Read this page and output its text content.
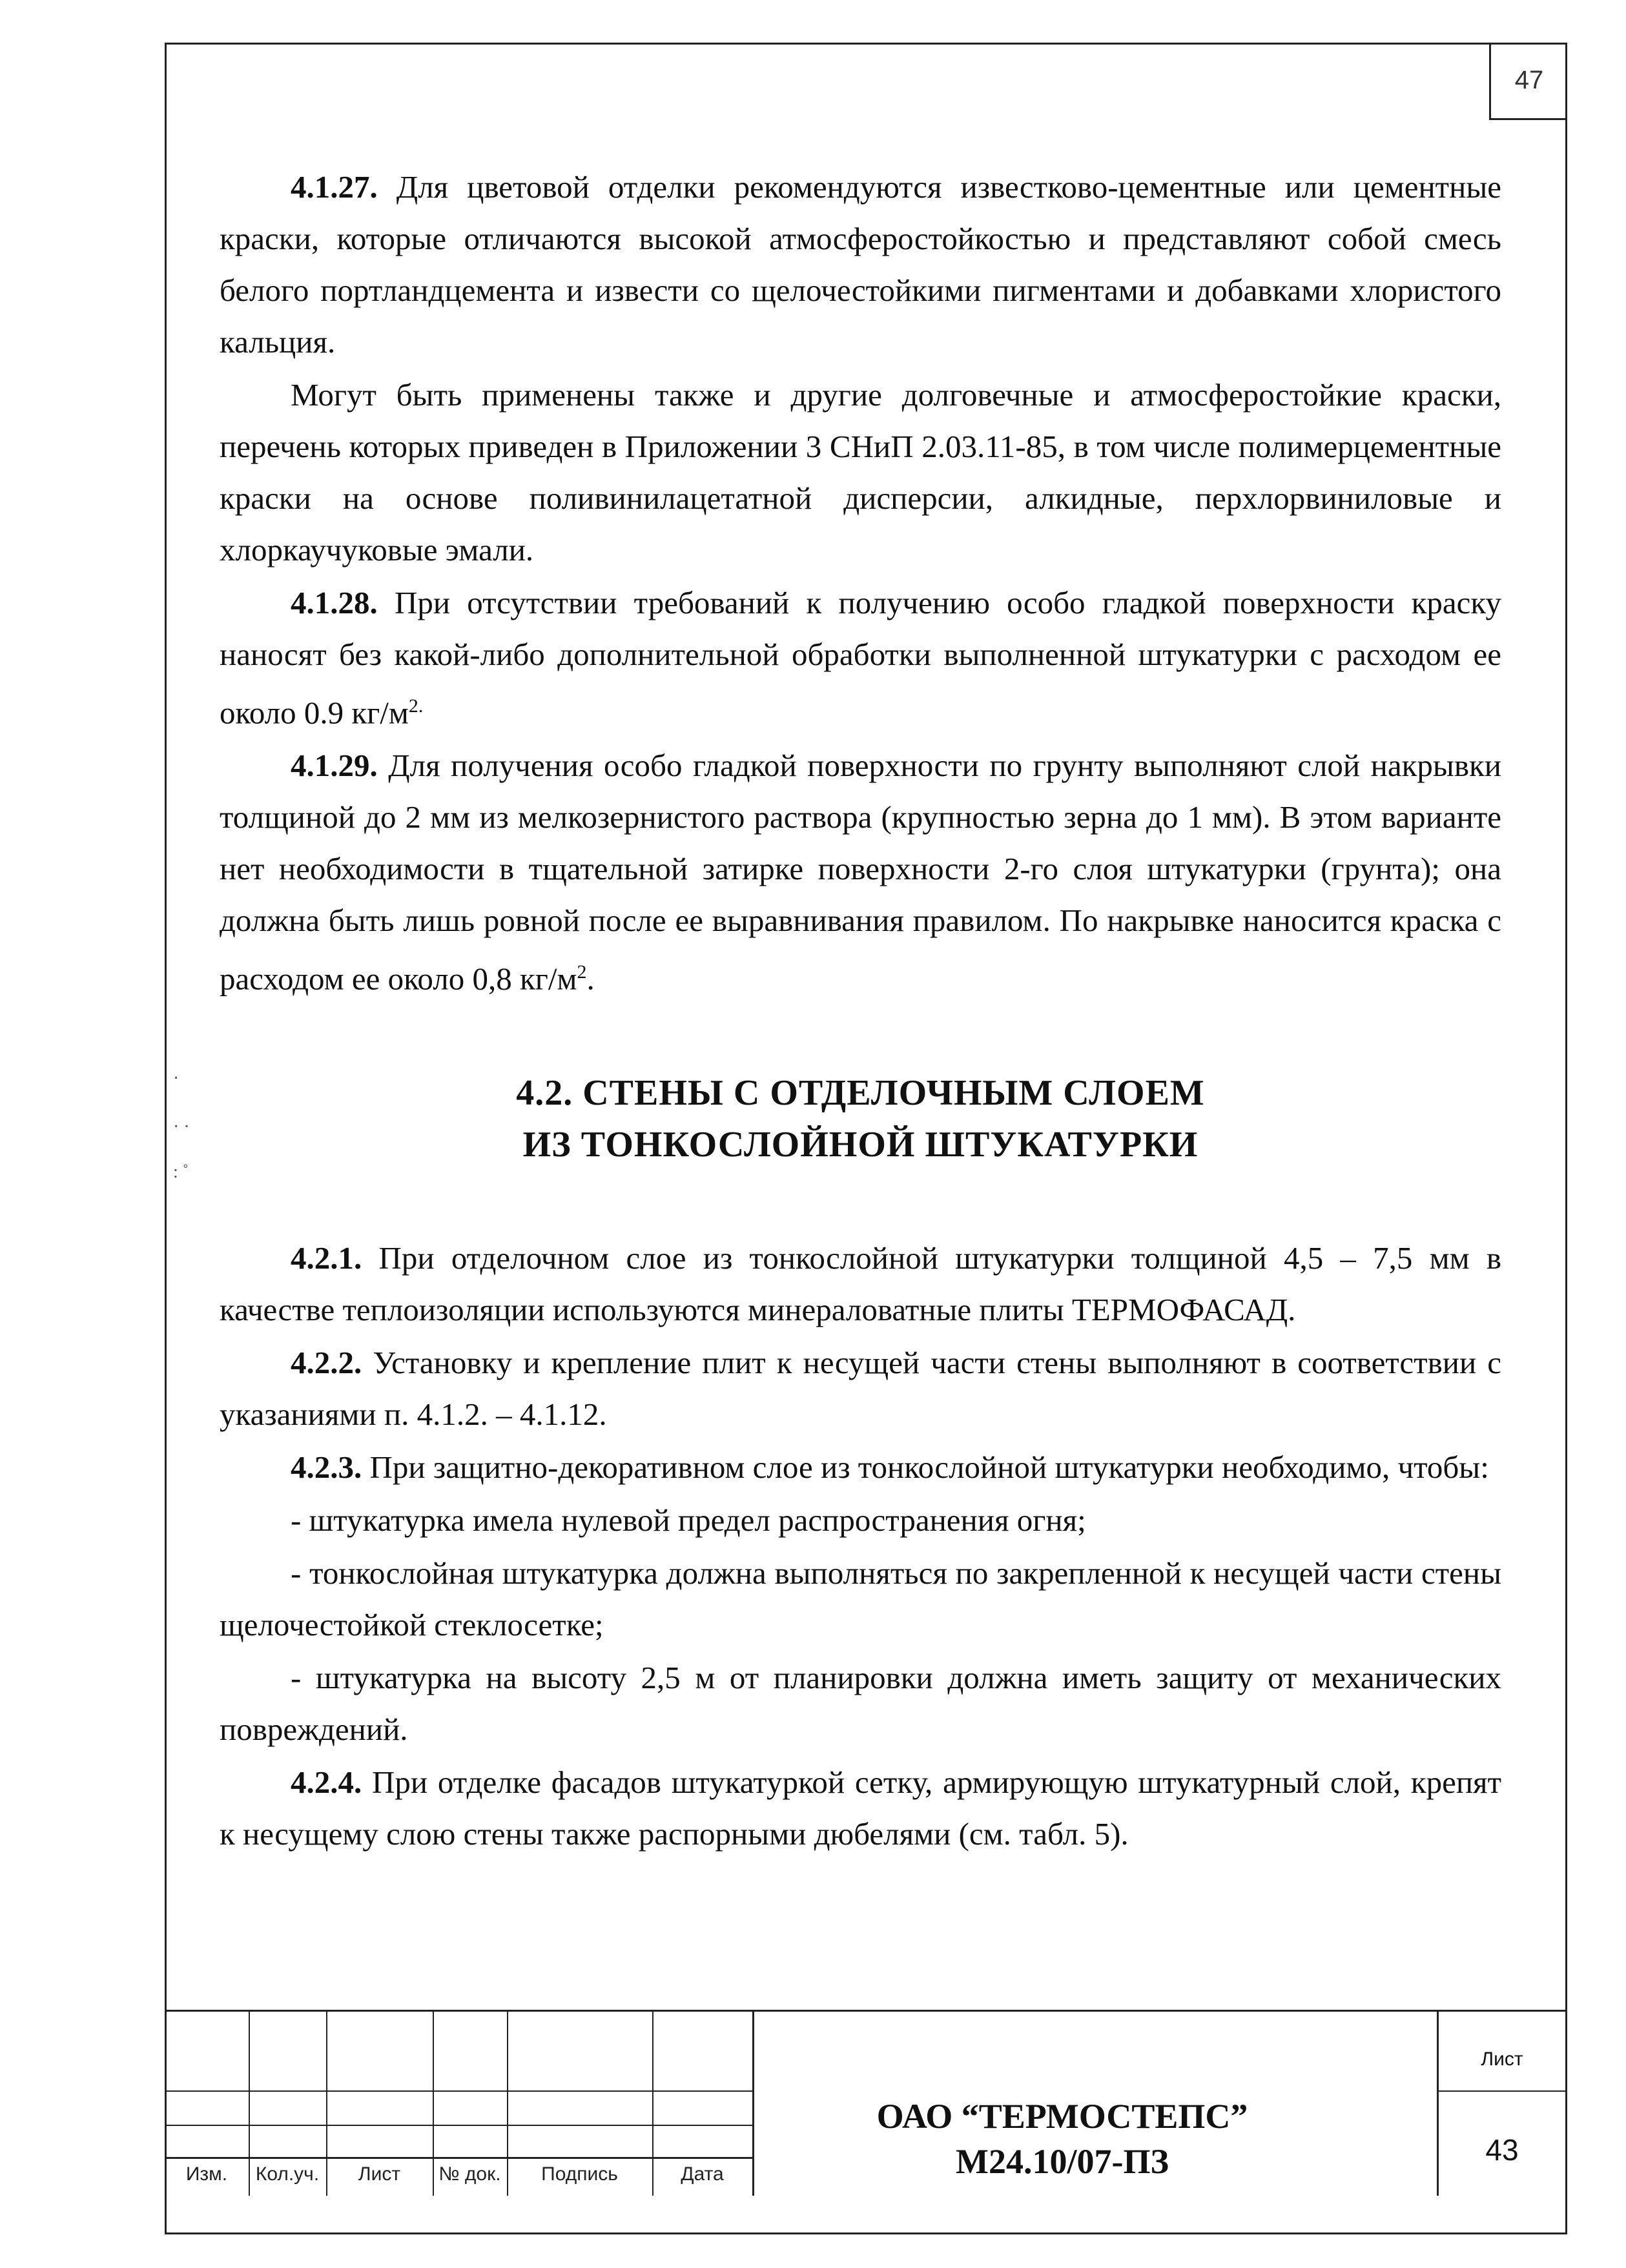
47
·
· ·
: ˚

4.1.27. Для цветовой отделки рекомендуются известково-цементные или цементные краски, которые отличаются высокой атмосферостойкостью и представляют собой смесь белого портландцемента и извести со щелочестойкими пигментами и добавками хлористого кальция.

Могут быть применены также и другие долговечные и атмосферостойкие краски, перечень которых приведен в Приложении 3 СНиП 2.03.11-85, в том числе полимерцементные краски на основе поливинилацетатной дисперсии, алкидные, перхлорвиниловые и хлоркаучуковые эмали.

4.1.28. При отсутствии требований к получению особо гладкой поверхности краску наносят без какой-либо дополнительной обработки выполненной штукатурки с расходом ее около 0.9 $кг/м^{2.}$

4.1.29. Для получения особо гладкой поверхности по грунту выполняют слой накрывки толщиной до 2 мм из мелкозернистого раствора (крупностью зерна до 1 мм). В этом варианте нет необходимости в тщательной затирке поверхности 2-го слоя штукатурки (грунта); она должна быть лишь ровной после ее выравнивания правилом. По накрывке наносится краска с расходом ее около 0,8 $кг/м^2$.

4.2. СТЕНЫ С ОТДЕЛОЧНЫМ СЛОЕМ
ИЗ ТОНКОСЛОЙНОЙ ШТУКАТУРКИ

4.2.1. При отделочном слое из тонкослойной штукатурки толщиной 4,5 – 7,5 мм в качестве теплоизоляции используются минераловатные плиты ТЕРМОФАСАД.

4.2.2. Установку и крепление плит к несущей части стены выполняют в соответствии с указаниями п. 4.1.2. – 4.1.12.

4.2.3. При защитно-декоративном слое из тонкослойной штукатурки необходимо, чтобы:

- штукатурка имела нулевой предел распространения огня;

- тонкослойная штукатурка должна выполняться по закрепленной к несущей части стены щелочестойкой стеклосетке;

- штукатурка на высоту 2,5 м от планировки должна иметь защиту от механических повреждений.

4.2.4. При отделке фасадов штукатуркой сетку, армирующую штукатурный слой, крепят к несущему слою стены также распорными дюбелями (см. табл. 5).

Изм.	Кол.уч.	Лист	№ док.	Подпись	Дата
ОАО “ТЕРМОСТЕПС”
М24.10/07-ПЗ
Лист
43
